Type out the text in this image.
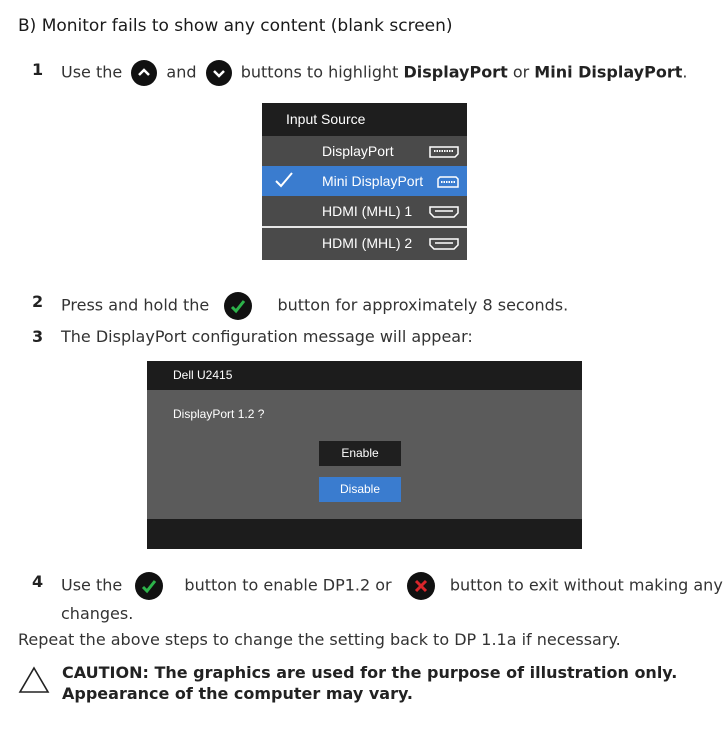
B) Monitor fails to show any content (blank screen)
1 Use the	and	buttons to highlight DisplayPort or Mini DisplayPort.
Input Source
DisplayPort
Mini DisplayPort
HDMI (MHL) 1
HDMI (MHL) 2
2 Press and hold the	button for approximately 8 seconds.
3 The DisplayPort configuration message will appear:
Dell U2415
DisplayPort 1.2 ?
Enable
Disable
4 Use the	button to enable DP1.2 or	button to exit without making any
changes.
Repeat the above steps to change the setting back to DP 1.1a if necessary.
CAUTION: The graphics are used for the purpose of illustration only. Appearance of the computer may vary.
